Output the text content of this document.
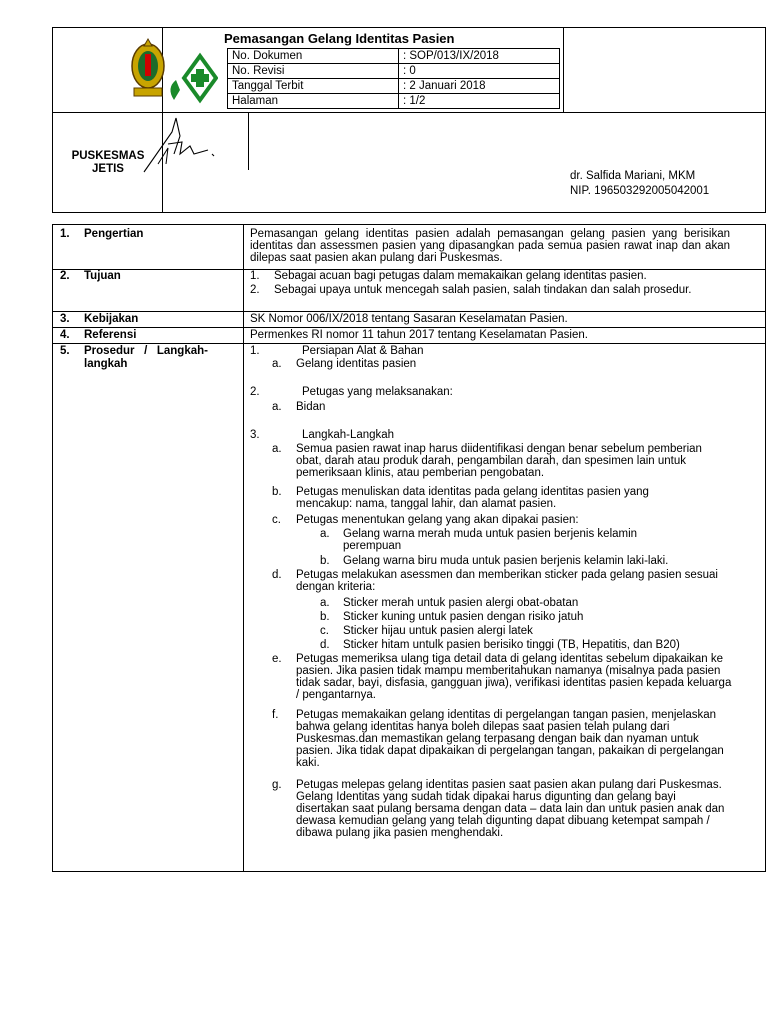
Pemasangan Gelang Identitas Pasien
No. Dokumen	: SOP/013/IX/2018
No. Revisi	: 0
Tanggal Terbit	: 2 Januari 2018
Halaman	: 1/2
PUSKESMAS
JETIS
dr. Salfida Mariani, MKM
NIP. 196503292005042001
1. Pengertian	Pemasangan gelang identitas pasien adalah pemasangan gelang pasien yang berisikan identitas dan assessmen pasien yang dipasangkan pada semua pasien rawat inap dan akan dilepas saat pasien akan pulang dari Puskesmas.
2. Tujuan	1. Sebagai acuan bagi petugas dalam memakaikan gelang identitas pasien.
2. Sebagai upaya untuk mencegah salah pasien, salah tindakan dan salah prosedur.
3. Kebijakan	SK Nomor 006/IX/2018 tentang Sasaran Keselamatan Pasien.
4. Referensi	Permenkes RI nomor 11 tahun 2017 tentang Keselamatan Pasien.
5. Prosedur   /   Langkah-
langkah
1.	Persiapan Alat & Bahan
a. Gelang identitas pasien
2.	Petugas yang melaksanakan:
a. Bidan
3.	Langkah-Langkah
a. Semua pasien rawat inap harus diidentifikasi dengan benar sebelum pemberian obat, darah atau produk darah, pengambilan darah, dan spesimen lain untuk pemeriksaan klinis, atau pemberian pengobatan.
b. Petugas menuliskan data identitas pada gelang identitas pasien yang mencakup: nama, tanggal lahir, dan alamat pasien.
c. Petugas menentukan gelang yang akan dipakai pasien:
a. Gelang warna merah muda untuk pasien berjenis kelamin perempuan
b. Gelang warna biru muda untuk pasien berjenis kelamin laki-laki.
d. Petugas melakukan asessmen dan memberikan sticker pada gelang pasien sesuai dengan kriteria:
a. Sticker merah untuk pasien alergi obat-obatan
b. Sticker kuning untuk pasien dengan risiko jatuh
c. Sticker hijau untuk pasien alergi latek
d. Sticker hitam untulk pasien berisiko tinggi (TB, Hepatitis, dan B20)
e. Petugas memeriksa ulang tiga detail data di gelang identitas sebelum dipakaikan ke pasien. Jika pasien tidak mampu memberitahukan namanya (misalnya pada pasien tidak sadar, bayi, disfasia, gangguan jiwa), verifikasi identitas pasien kepada keluarga / pengantarnya.
f. Petugas memakaikan gelang identitas di pergelangan tangan pasien, menjelaskan bahwa gelang identitas hanya boleh dilepas saat pasien telah pulang dari Puskesmas.dan memastikan gelang terpasang dengan baik dan nyaman untuk pasien. Jika tidak dapat dipakaikan di pergelangan tangan, pakaikan di pergelangan kaki.
g. Petugas melepas gelang identitas pasien saat pasien akan pulang dari Puskesmas. Gelang Identitas yang sudah tidak dipakai harus digunting dan gelang bayi disertakan saat pulang bersama dengan data – data lain dan untuk pasien anak dan dewasa kemudian gelang yang telah digunting dapat dibuang ketempat sampah / dibawa pulang jika pasien menghendaki.
